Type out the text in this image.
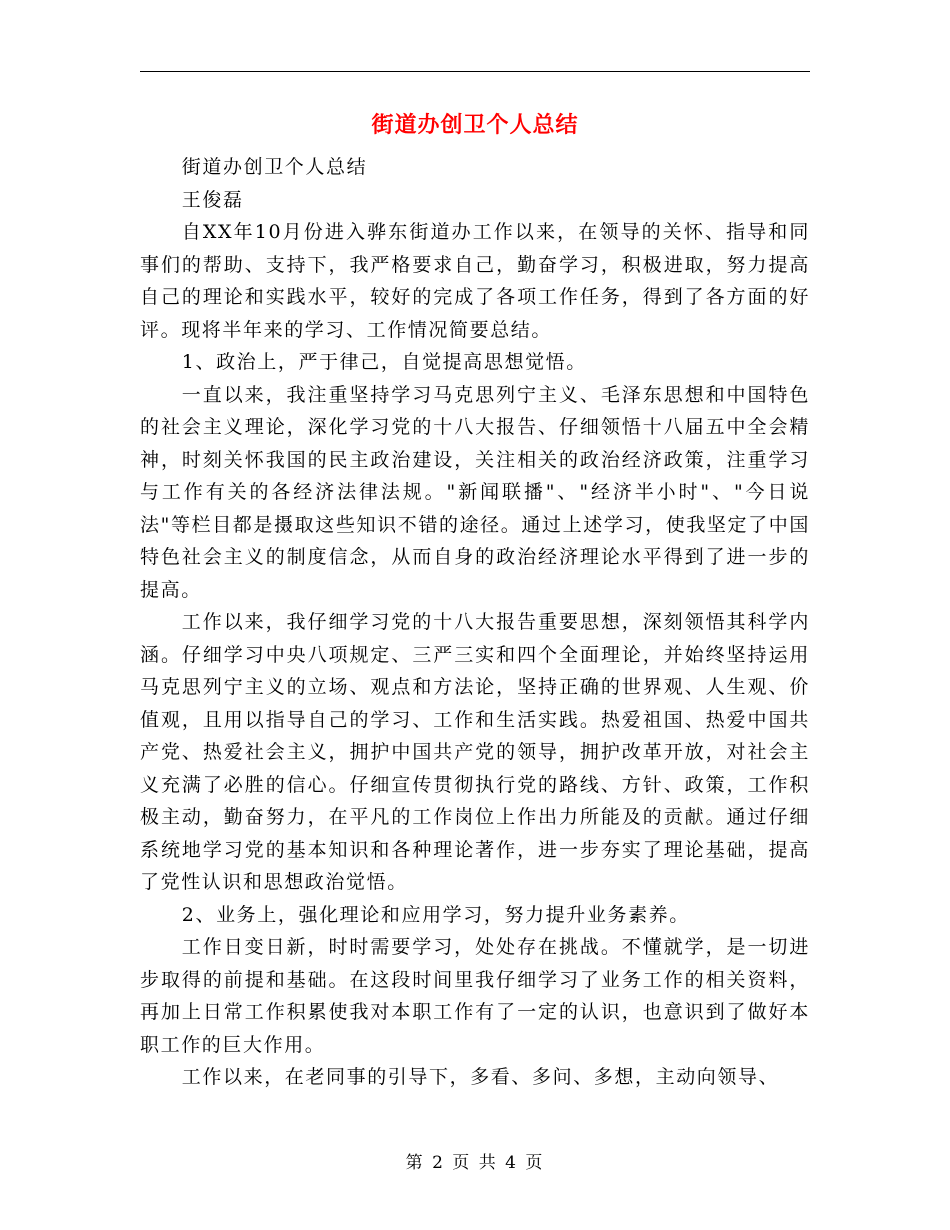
街道办创卫个人总结

街道办创卫个人总结

王俊磊

自XX年10月份进入骅东街道办工作以来，在领导的关怀、指导和同事们的帮助、支持下，我严格要求自己，勤奋学习，积极进取，努力提高自己的理论和实践水平，较好的完成了各项工作任务，得到了各方面的好评。现将半年来的学习、工作情况简要总结。

1、政治上，严于律己，自觉提高思想觉悟。

一直以来，我注重坚持学习马克思列宁主义、毛泽东思想和中国特色的社会主义理论，深化学习党的十八大报告、仔细领悟十八届五中全会精神，时刻关怀我国的民主政治建设，关注相关的政治经济政策，注重学习与工作有关的各经济法律法规。"新闻联播"、"经济半小时"、"今日说法"等栏目都是摄取这些知识不错的途径。通过上述学习，使我坚定了中国特色社会主义的制度信念，从而自身的政治经济理论水平得到了进一步的提高。

工作以来，我仔细学习党的十八大报告重要思想，深刻领悟其科学内涵。仔细学习中央八项规定、三严三实和四个全面理论，并始终坚持运用马克思列宁主义的立场、观点和方法论，坚持正确的世界观、人生观、价值观，且用以指导自己的学习、工作和生活实践。热爱祖国、热爱中国共产党、热爱社会主义，拥护中国共产党的领导，拥护改革开放，对社会主义充满了必胜的信心。仔细宣传贯彻执行党的路线、方针、政策，工作积极主动，勤奋努力，在平凡的工作岗位上作出力所能及的贡献。通过仔细系统地学习党的基本知识和各种理论著作，进一步夯实了理论基础，提高了党性认识和思想政治觉悟。

2、业务上，强化理论和应用学习，努力提升业务素养。

工作日变日新，时时需要学习，处处存在挑战。不懂就学，是一切进步取得的前提和基础。在这段时间里我仔细学习了业务工作的相关资料，再加上日常工作积累使我对本职工作有了一定的认识，也意识到了做好本职工作的巨大作用。

工作以来，在老同事的引导下，多看、多问、多想，主动向领导、

第 2 页 共 4 页
